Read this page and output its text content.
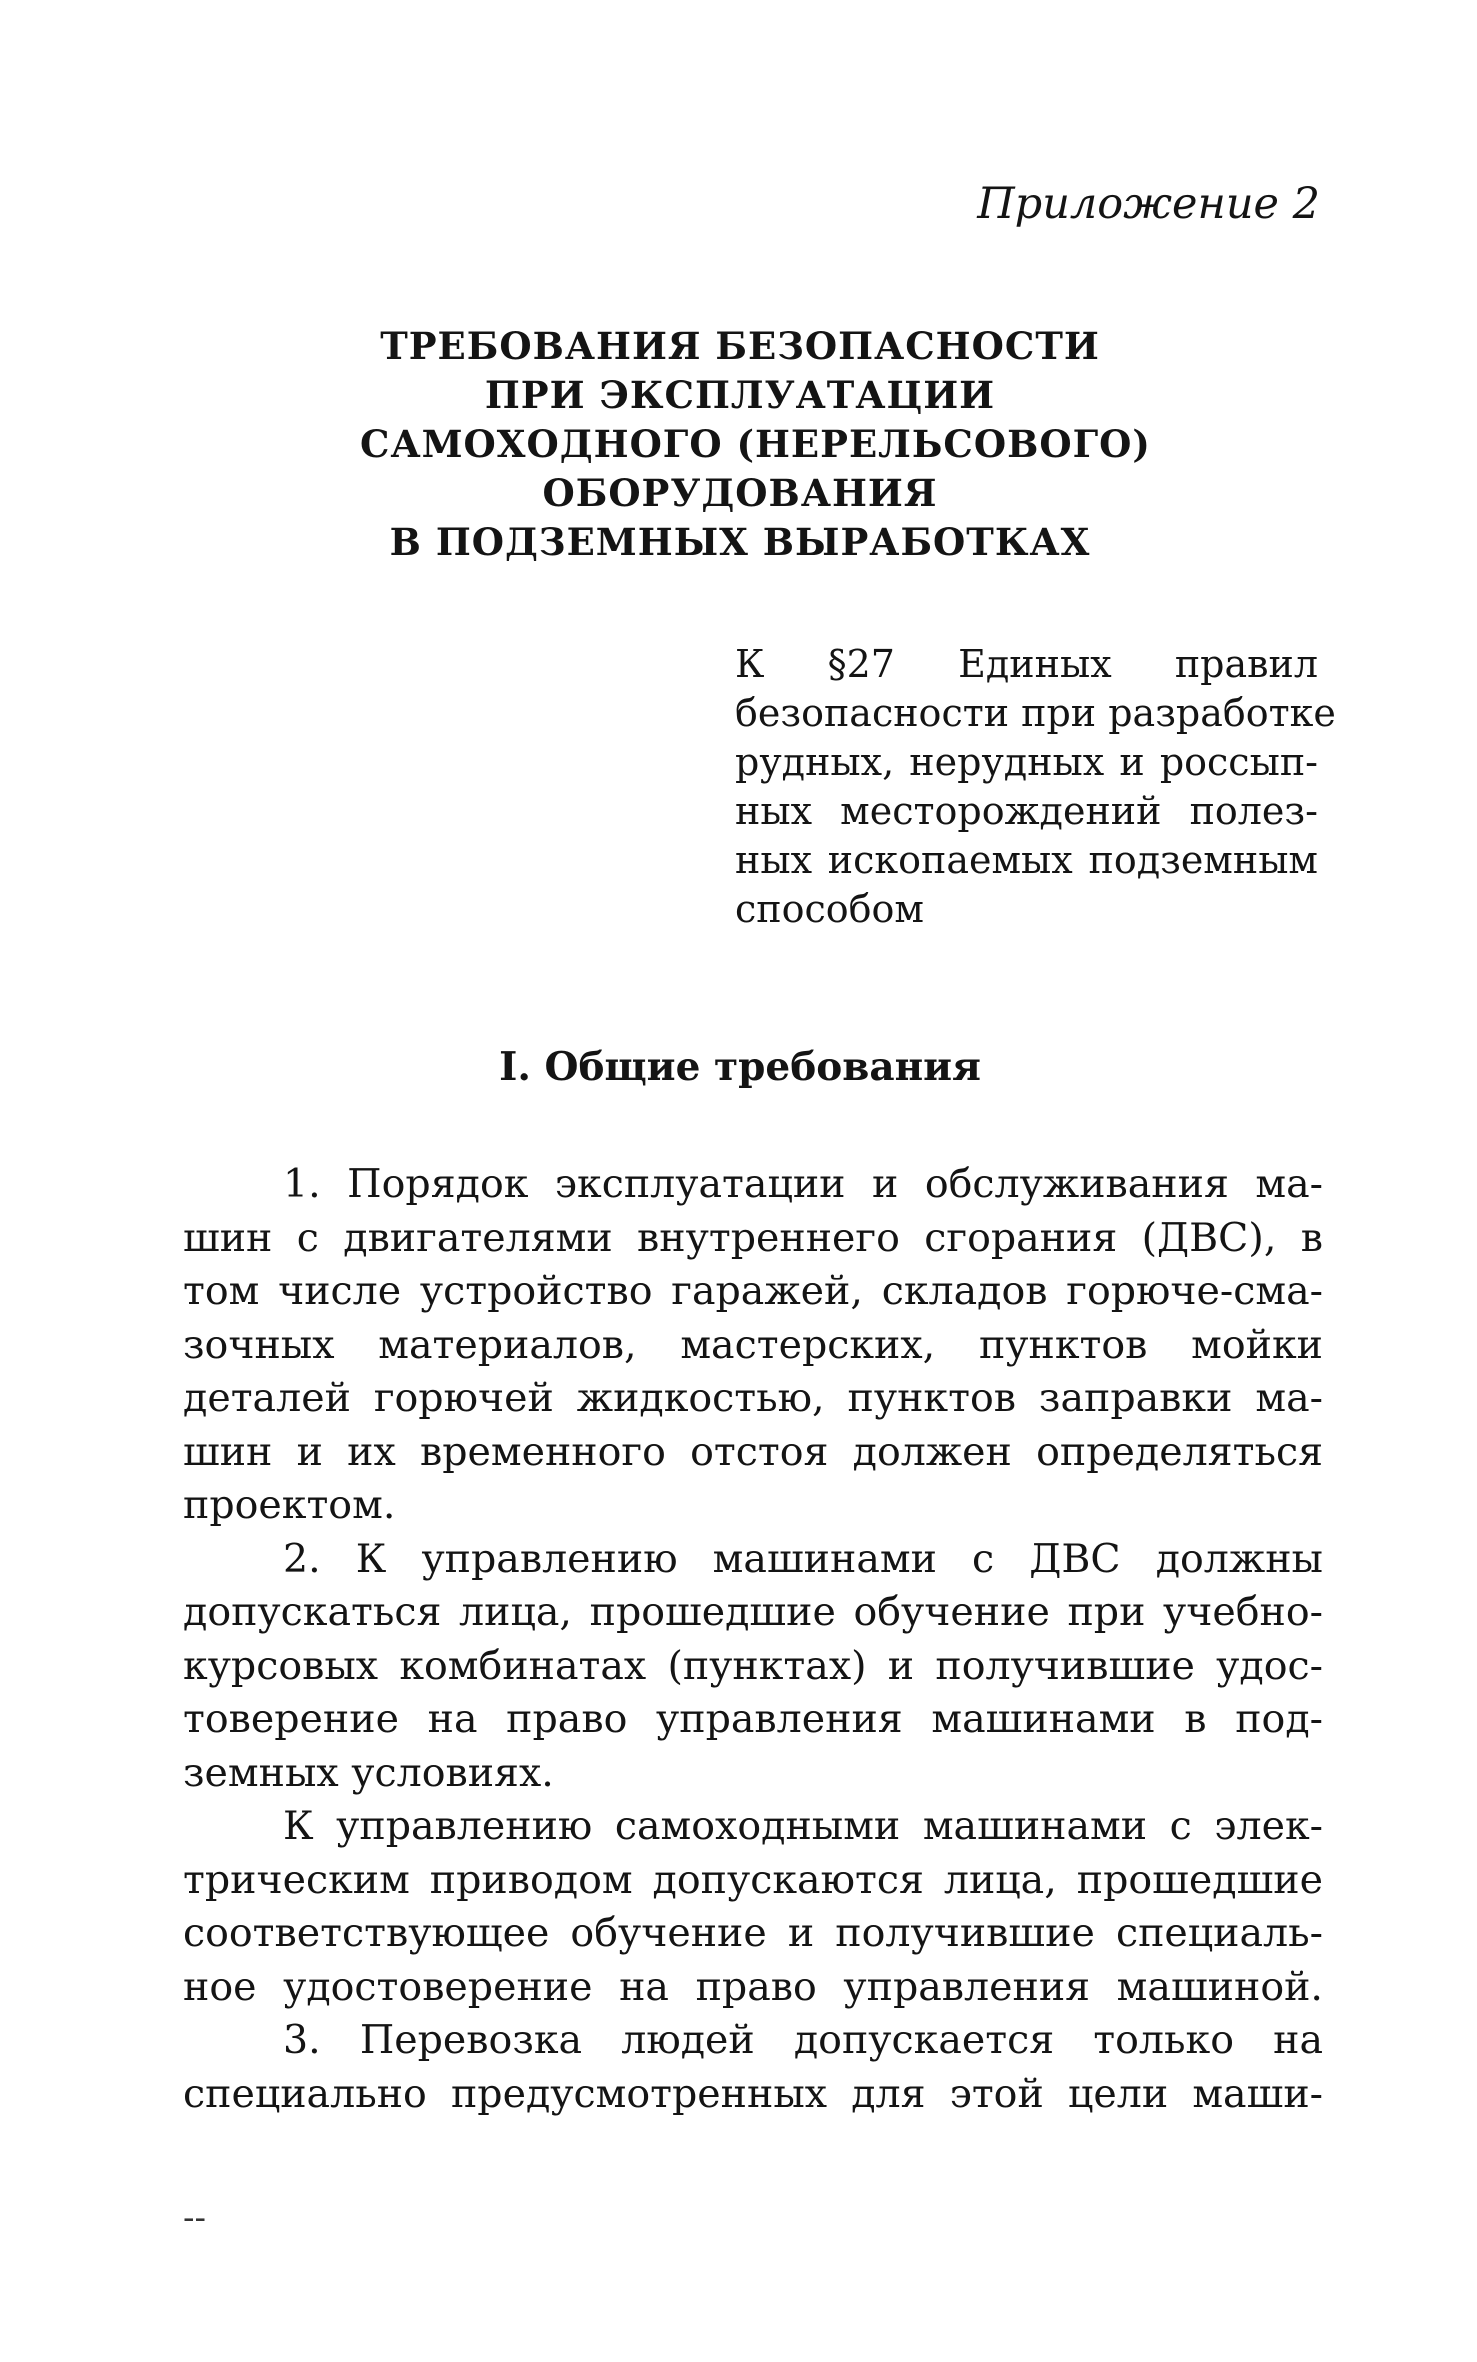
Приложение 2
ТРЕБОВАНИЯ БЕЗОПАСНОСТИ
ПРИ ЭКСПЛУАТАЦИИ
САМОХОДНОГО (НЕРЕЛЬСОВОГО)
ОБОРУДОВАНИЯ
В ПОДЗЕМНЫХ ВЫРАБОТКАХ
К §27 Единых правил
безопасности при разработке
рудных, нерудных и россып-
ных месторождений полез-
ных ископаемых подземным
способом
I. Общие требования
1. Порядок эксплуатации и обслуживания ма-
шин с двигателями внутреннего сгорания (ДВС), в
том числе устройство гаражей, складов горюче-сма-
зочных материалов, мастерских, пунктов мойки
деталей горючей жидкостью, пунктов заправки ма-
шин и их временного отстоя должен определяться
проектом.
2. К управлению машинами с ДВС должны
допускаться лица, прошедшие обучение при учебно-
курсовых комбинатах (пунктах) и получившие удос-
товерение на право управления машинами в под-
земных условиях.
К управлению самоходными машинами с элек-
трическим приводом допускаются лица, прошедшие
соответствующее обучение и получившие специаль-
ное удостоверение на право управления машиной.
3. Перевозка людей допускается только на
специально предусмотренных для этой цели маши-
--
